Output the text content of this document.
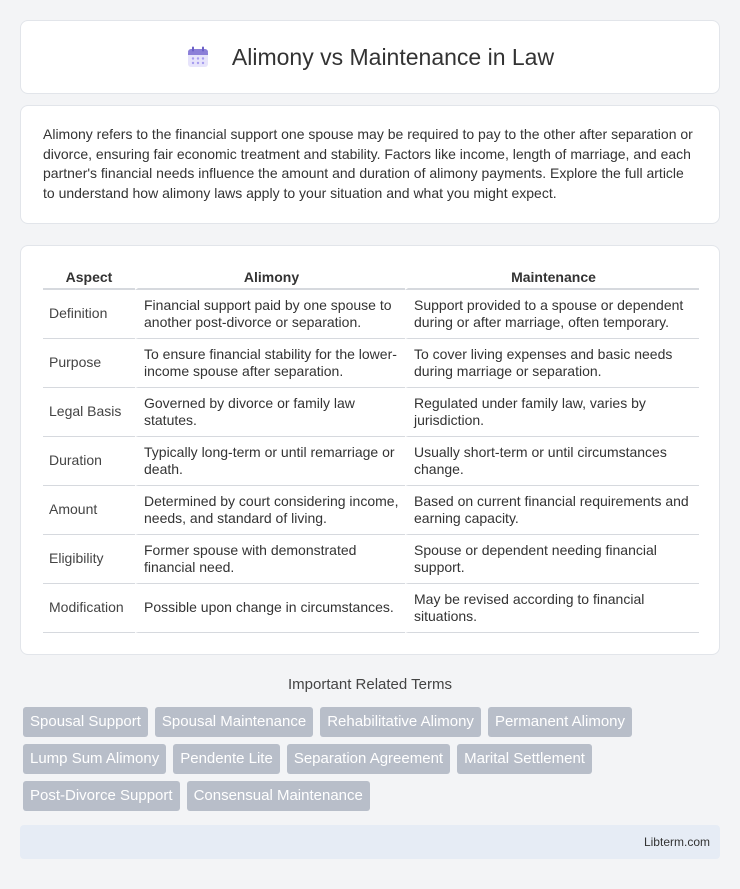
Alimony vs Maintenance in Law

Alimony refers to the financial support one spouse may be required to pay to the other after separation or divorce, ensuring fair economic treatment and stability. Factors like income, length of marriage, and each partner's financial needs influence the amount and duration of alimony payments. Explore the full article to understand how alimony laws apply to your situation and what you might expect.

Aspect	Alimony	Maintenance
Definition	Financial support paid by one spouse to another post-divorce or separation.	Support provided to a spouse or dependent during or after marriage, often temporary.
Purpose	To ensure financial stability for the lower-income spouse after separation.	To cover living expenses and basic needs during marriage or separation.
Legal Basis	Governed by divorce or family law statutes.	Regulated under family law, varies by jurisdiction.
Duration	Typically long-term or until remarriage or death.	Usually short-term or until circumstances change.
Amount	Determined by court considering income, needs, and standard of living.	Based on current financial requirements and earning capacity.
Eligibility	Former spouse with demonstrated financial need.	Spouse or dependent needing financial support.
Modification	Possible upon change in circumstances.	May be revised according to financial situations.
Important Related Terms
Spousal Support	Spousal Maintenance	Rehabilitative Alimony	Permanent Alimony
Lump Sum Alimony	Pendente Lite	Separation Agreement	Marital Settlement
Post-Divorce Support	Consensual Maintenance
Libterm.com
